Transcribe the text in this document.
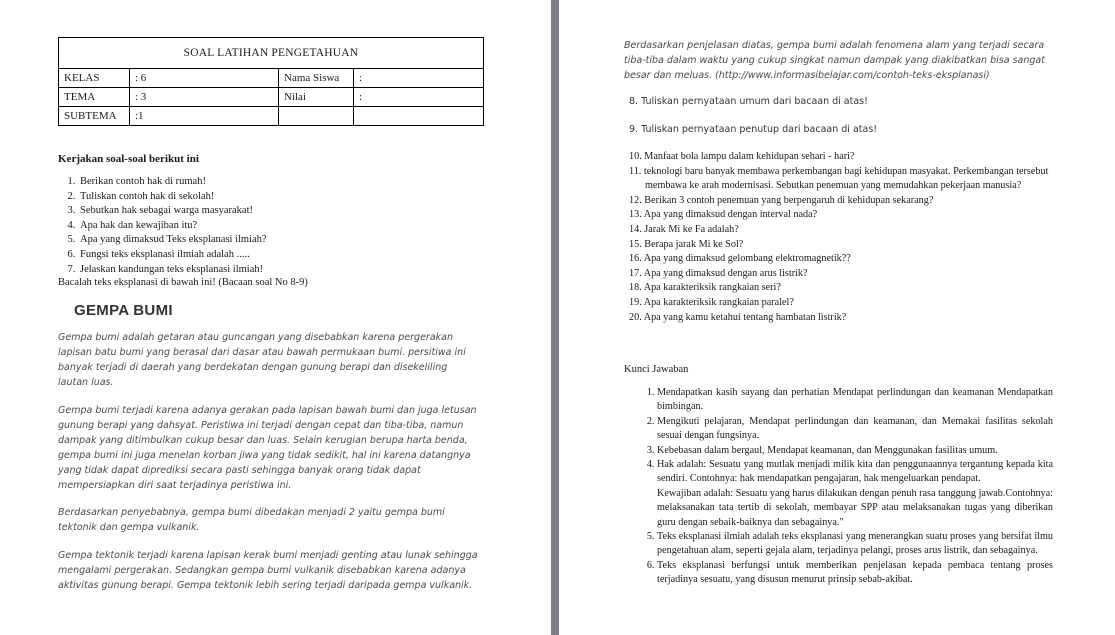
SOAL LATIHAN PENGETAHUAN			
KELAS	: 6	Nama Siswa	:
TEMA	: 3	Nilai	:
SUBTEMA	:1		
Kerjakan soal-soal berikut ini
1. Berikan contoh hak di rumah!
2. Tuliskan contoh hak di sekolah!
3. Sebutkan hak sebagai warga masyarakat!
4. Apa hak dan kewajiban itu?
5. Apa yang dimaksud Teks eksplanasi ilmiah?
6. Fungsi teks eksplanasi ilmiah adalah .....
7. Jelaskan kandungan teks eksplanasi ilmiah!
Bacalah teks eksplanasi di bawah ini! (Bacaan soal No 8-9)
GEMPA BUMI

Gempa bumi adalah getaran atau guncangan yang disebabkan karena pergerakan lapisan batu bumi yang berasal dari dasar atau bawah permukaan bumi. persitiwa ini banyak terjadi di daerah yang berdekatan dengan gunung berapi dan disekeliling lautan luas.

Gempa bumi terjadi karena adanya gerakan pada lapisan bawah bumi dan juga letusan gunung berapi yang dahsyat. Peristiwa ini terjadi dengan cepat dan tiba-tiba, namun dampak yang ditimbulkan cukup besar dan luas. Selain kerugian berupa harta benda, gempa bumi ini juga menelan korban jiwa yang tidak sedikit, hal ini karena datangnya yang tidak dapat diprediksi secara pasti sehingga banyak orang tidak dapat mempersiapkan diri saat terjadinya peristiwa ini.

Berdasarkan penyebabnya, gempa bumi dibedakan menjadi 2 yaitu gempa bumi tektonik dan gempa vulkanik.

Gempa tektonik terjadi karena lapisan kerak bumi menjadi genting atau lunak sehingga mengalami pergerakan. Sedangkan gempa bumi vulkanik disebabkan karena adanya aktivitas gunung berapi. Gempa tektonik lebih sering terjadi daripada gempa vulkanik.

Berdasarkan penjelasan diatas, gempa bumi adalah fenomena alam yang terjadi secara tiba-tiba dalam waktu yang cukup singkat namun dampak yang diakibatkan bisa sangat besar dan meluas. (http://www.informasibelajar.com/contoh-teks-eksplanasi)

8. Tuliskan pernyataan umum dari bacaan di atas!
9. Tuliskan pernyataan penutup dari bacaan di atas!
10. Manfaat bola lampu dalam kehidupan sehari - hari?
11. teknologi baru banyak membawa perkembangan bagi kehidupan masyakat. Perkembangan tersebut membawa ke arah modernisasi. Sebutkan penemuan yang memudahkan pekerjaan manusia?
12. Berikan 3 contoh penemuan yang berpengaruh di kehidupan sekarang?
13. Apa yang dimaksud dengan interval nada?
14. Jarak Mi ke Fa adalah?
15. Berapa jarak Mi ke Sol?
16. Apa yang dimaksud gelombang elektromagnetik??
17. Apa yang dimaksud dengan arus listrik?
18. Apa karakteriksik rangkaian seri?
19. Apa karakteriksik rangkaian paralel?
20. Apa yang kamu ketahui tentang hambatan listrik?
Kunci Jawaban
1. Mendapatkan kasih sayang dan perhatian Mendapat perlindungan dan keamanan Mendapatkan bimbingan.
2. Mengikuti pelajaran, Mendapat perlindungan dan keamanan, dan Memakai fasilitas sekolah sesuai dengan fungsinya.
3. Kebebasan dalam bergaul, Mendapat keamanan, dan Menggunakan fasilitas umum.
4. Hak adalah: Sesuatu yang mutlak menjadi milik kita dan penggunaannya tergantung kepada kita sendiri. Contohnya: hak mendapatkan pengajaran, hak mengeluarkan pendapat.
Kewajiban adalah: Sesuatu yang harus dilakukan dengan penuh rasa tanggung jawab.Contohnya: melaksanakan tata tertib di sekolah, membayar SPP atau melaksanakan tugas yang diberikan guru dengan sebaik-baiknya dan sebagainya."
5. Teks eksplanasi ilmiah adalah teks eksplanasi yang menerangkan suatu proses yang bersifat ilmu pengetahuan alam, seperti gejala alam, terjadinya pelangi, proses arus listrik, dan sebagainya.
6. Teks eksplanasi berfungsi untuk memberikan penjelasan kepada pembaca tentang proses terjadinya sesuatu, yang disusun menurut prinsip sebab-akibat.
